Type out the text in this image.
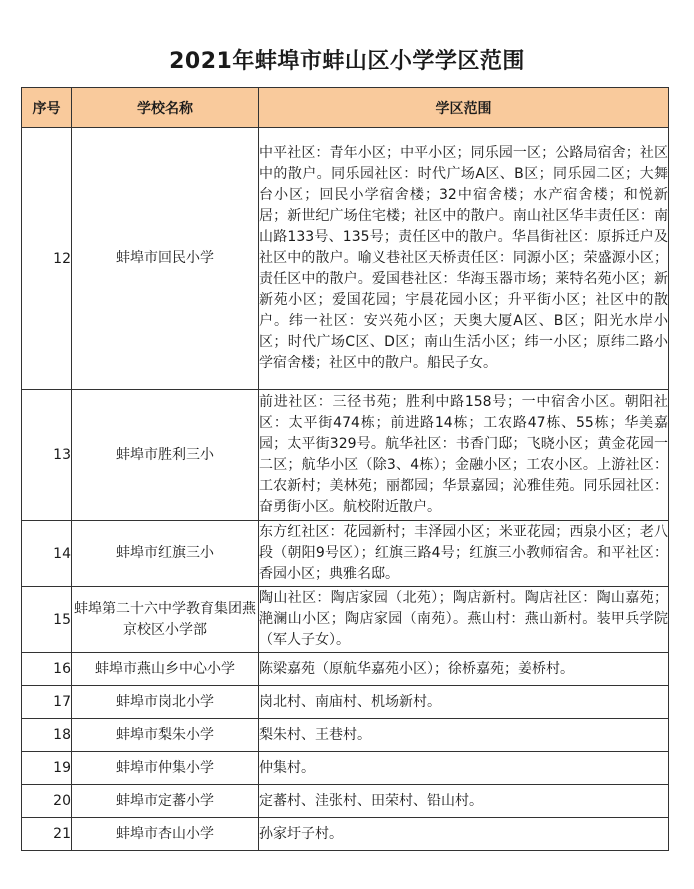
2021年蚌埠市蚌山区小学学区范围
序号	学校名称	学区范围
12	蚌埠市回民小学	中平社区：青年小区；中平小区；同乐园一区；公路局宿舍；社区中的散户。同乐园社区：时代广场A区、B区；同乐园二区；大舞台小区；回民小学宿舍楼；32中宿舍楼；水产宿舍楼；和悦新居；新世纪广场住宅楼；社区中的散户。南山社区华丰责任区：南山路133号、135号；责任区中的散户。华昌街社区：原拆迁户及社区中的散户。喻义巷社区天桥责任区：同源小区；荣盛源小区；责任区中的散户。爱国巷社区：华海玉器市场；莱特名苑小区；新新苑小区；爱国花园；宇晨花园小区；升平街小区；社区中的散户。纬一社区：安兴苑小区；天奥大厦A区、B区；阳光水岸小区；时代广场C区、D区；南山生活小区；纬一小区；原纬二路小学宿舍楼；社区中的散户。船民子女。
13	蚌埠市胜利三小	前进社区：三径书苑；胜利中路158号；一中宿舍小区。朝阳社区：太平街474栋；前进路14栋；工农路47栋、55栋；华美嘉园；太平街329号。航华社区：书香门邸；飞晓小区；黄金花园一二区；航华小区（除3、4栋）；金融小区；工农小区。上游社区：工农新村；美林苑；丽都园；华景嘉园；沁雅佳苑。同乐园社区：奋勇街小区。航校附近散户。
14	蚌埠市红旗三小	东方红社区：花园新村；丰泽园小区；米亚花园；西泉小区；老八段（朝阳9号区）；红旗三路4号；红旗三小教师宿舍。和平社区：香园小区；典雅名邸。
15	蚌埠第二十六中学教育集团燕京校区小学部	陶山社区：陶店家园（北苑）；陶店新村。陶店社区：陶山嘉苑；滟澜山小区；陶店家园（南苑）。燕山村：燕山新村。装甲兵学院（军人子女）。
16	蚌埠市燕山乡中心小学	陈梁嘉苑（原航华嘉苑小区）；徐桥嘉苑；姜桥村。
17	蚌埠市岗北小学	岗北村、南庙村、机场新村。
18	蚌埠市梨朱小学	梨朱村、王巷村。
19	蚌埠市仲集小学	仲集村。
20	蚌埠市定蕃小学	定蕃村、洼张村、田荣村、铅山村。
21	蚌埠市杏山小学	孙家圩子村。
